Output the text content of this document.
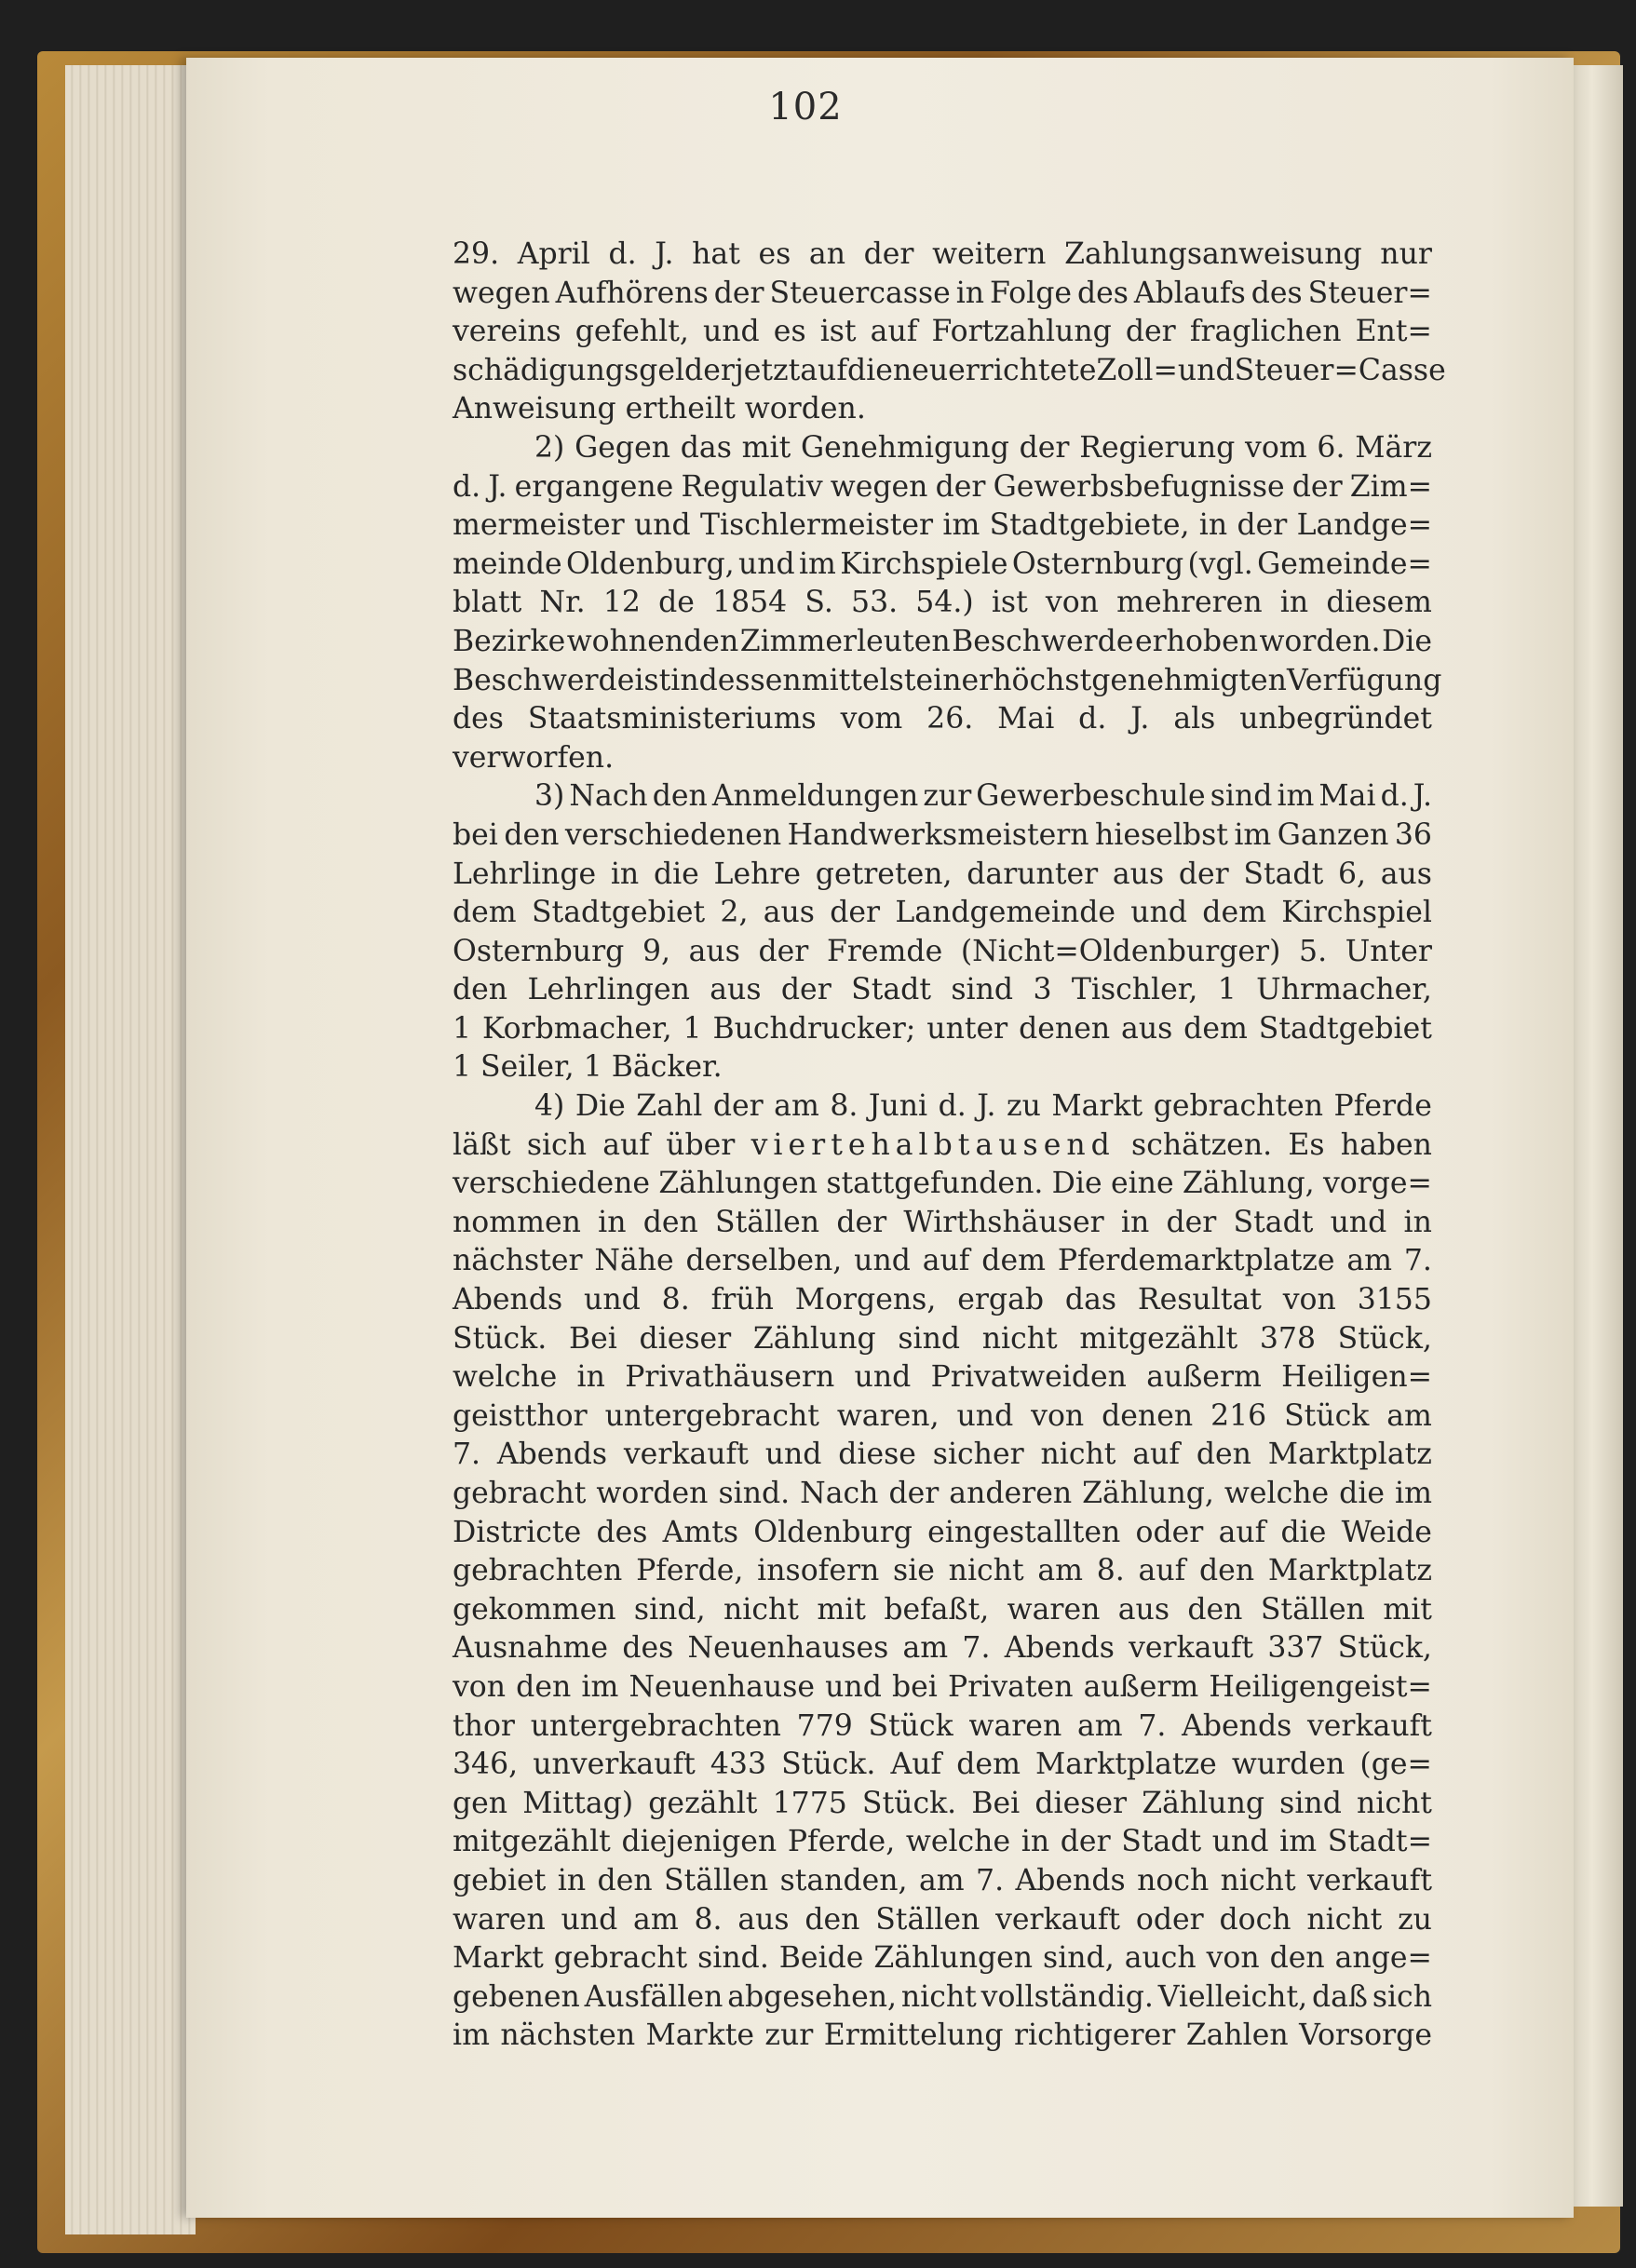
102
29. April d. J. hat es an der weitern Zahlungsanweisung nur
wegen Aufhörens der Steuercasse in Folge des Ablaufs des Steuer=
vereins gefehlt, und es ist auf Fortzahlung der fraglichen Ent=
schädigungsgelder jetzt auf die neuerrichtete Zoll= und Steuer=Casse
Anweisung ertheilt worden.
2) Gegen das mit Genehmigung der Regierung vom 6. März
d. J. ergangene Regulativ wegen der Gewerbsbefugnisse der Zim=
mermeister und Tischlermeister im Stadtgebiete, in der Landge=
meinde Oldenburg, und im Kirchspiele Osternburg (vgl. Gemeinde=
blatt Nr. 12 de 1854 S. 53. 54.) ist von mehreren in diesem
Bezirke wohnenden Zimmerleuten Beschwerde erhoben worden. Die
Beschwerde ist indessen mittelst einer höchst genehmigten Verfügung
des Staatsministeriums vom 26. Mai d. J. als unbegründet
verworfen.
3) Nach den Anmeldungen zur Gewerbeschule sind im Mai d. J.
bei den verschiedenen Handwerksmeistern hieselbst im Ganzen 36
Lehrlinge in die Lehre getreten, darunter aus der Stadt 6, aus
dem Stadtgebiet 2, aus der Landgemeinde und dem Kirchspiel
Osternburg 9, aus der Fremde (Nicht=Oldenburger) 5. Unter
den Lehrlingen aus der Stadt sind 3 Tischler, 1 Uhrmacher,
1 Korbmacher, 1 Buchdrucker; unter denen aus dem Stadtgebiet
1 Seiler, 1 Bäcker.
4) Die Zahl der am 8. Juni d. J. zu Markt gebrachten Pferde
läßt sich auf über viertehalbtausend schätzen. Es haben
verschiedene Zählungen stattgefunden. Die eine Zählung, vorge=
nommen in den Ställen der Wirthshäuser in der Stadt und in
nächster Nähe derselben, und auf dem Pferdemarktplatze am 7.
Abends und 8. früh Morgens, ergab das Resultat von 3155
Stück. Bei dieser Zählung sind nicht mitgezählt 378 Stück,
welche in Privathäusern und Privatweiden außerm Heiligen=
geistthor untergebracht waren, und von denen 216 Stück am
7. Abends verkauft und diese sicher nicht auf den Marktplatz
gebracht worden sind. Nach der anderen Zählung, welche die im
Districte des Amts Oldenburg eingestallten oder auf die Weide
gebrachten Pferde, insofern sie nicht am 8. auf den Marktplatz
gekommen sind, nicht mit befaßt, waren aus den Ställen mit
Ausnahme des Neuenhauses am 7. Abends verkauft 337 Stück,
von den im Neuenhause und bei Privaten außerm Heiligengeist=
thor untergebrachten 779 Stück waren am 7. Abends verkauft
346, unverkauft 433 Stück. Auf dem Marktplatze wurden (ge=
gen Mittag) gezählt 1775 Stück. Bei dieser Zählung sind nicht
mitgezählt diejenigen Pferde, welche in der Stadt und im Stadt=
gebiet in den Ställen standen, am 7. Abends noch nicht verkauft
waren und am 8. aus den Ställen verkauft oder doch nicht zu
Markt gebracht sind. Beide Zählungen sind, auch von den ange=
gebenen Ausfällen abgesehen, nicht vollständig. Vielleicht, daß sich
im nächsten Markte zur Ermittelung richtigerer Zahlen Vorsorge
